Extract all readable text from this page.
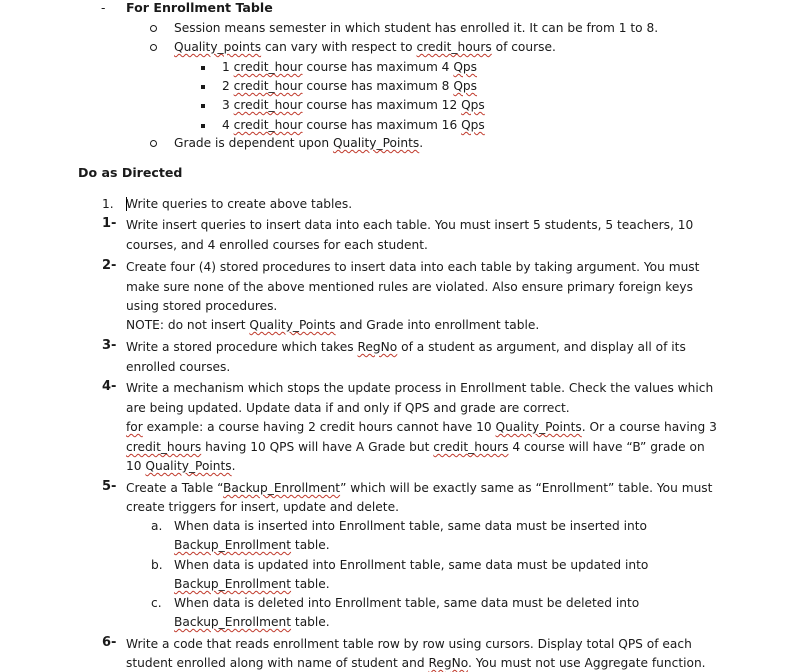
- For Enrollment Table
Session means semester in which student has enrolled it. It can be from 1 to 8.
Quality_points can vary with respect to credit_hours of course.
1 credit_hour course has maximum 4 Qps
2 credit_hour course has maximum 8 Qps
3 credit_hour course has maximum 12 Qps
4 credit_hour course has maximum 16 Qps
Grade is dependent upon Quality_Points.
Do as Directed
1. Write queries to create above tables.
1- Write insert queries to insert data into each table. You must insert 5 students, 5 teachers, 10
courses, and 4 enrolled courses for each student.
2- Create four (4) stored procedures to insert data into each table by taking argument. You must
make sure none of the above mentioned rules are violated. Also ensure primary foreign keys
using stored procedures.
NOTE: do not insert Quality_Points and Grade into enrollment table.
3- Write a stored procedure which takes RegNo of a student as argument, and display all of its
enrolled courses.
4- Write a mechanism which stops the update process in Enrollment table. Check the values which
are being updated. Update data if and only if QPS and grade are correct.
for example: a course having 2 credit hours cannot have 10 Quality_Points. Or a course having 3
credit_hours having 10 QPS will have A Grade but credit_hours 4 course will have “B” grade on
10 Quality_Points.
5- Create a Table “Backup_Enrollment” which will be exactly same as “Enrollment” table. You must
create triggers for insert, update and delete.
a. When data is inserted into Enrollment table, same data must be inserted into
Backup_Enrollment table.
b. When data is updated into Enrollment table, same data must be updated into
Backup_Enrollment table.
c. When data is deleted into Enrollment table, same data must be deleted into
Backup_Enrollment table.
6- Write a code that reads enrollment table row by row using cursors. Display total QPS of each
student enrolled along with name of student and RegNo. You must not use Aggregate function.
